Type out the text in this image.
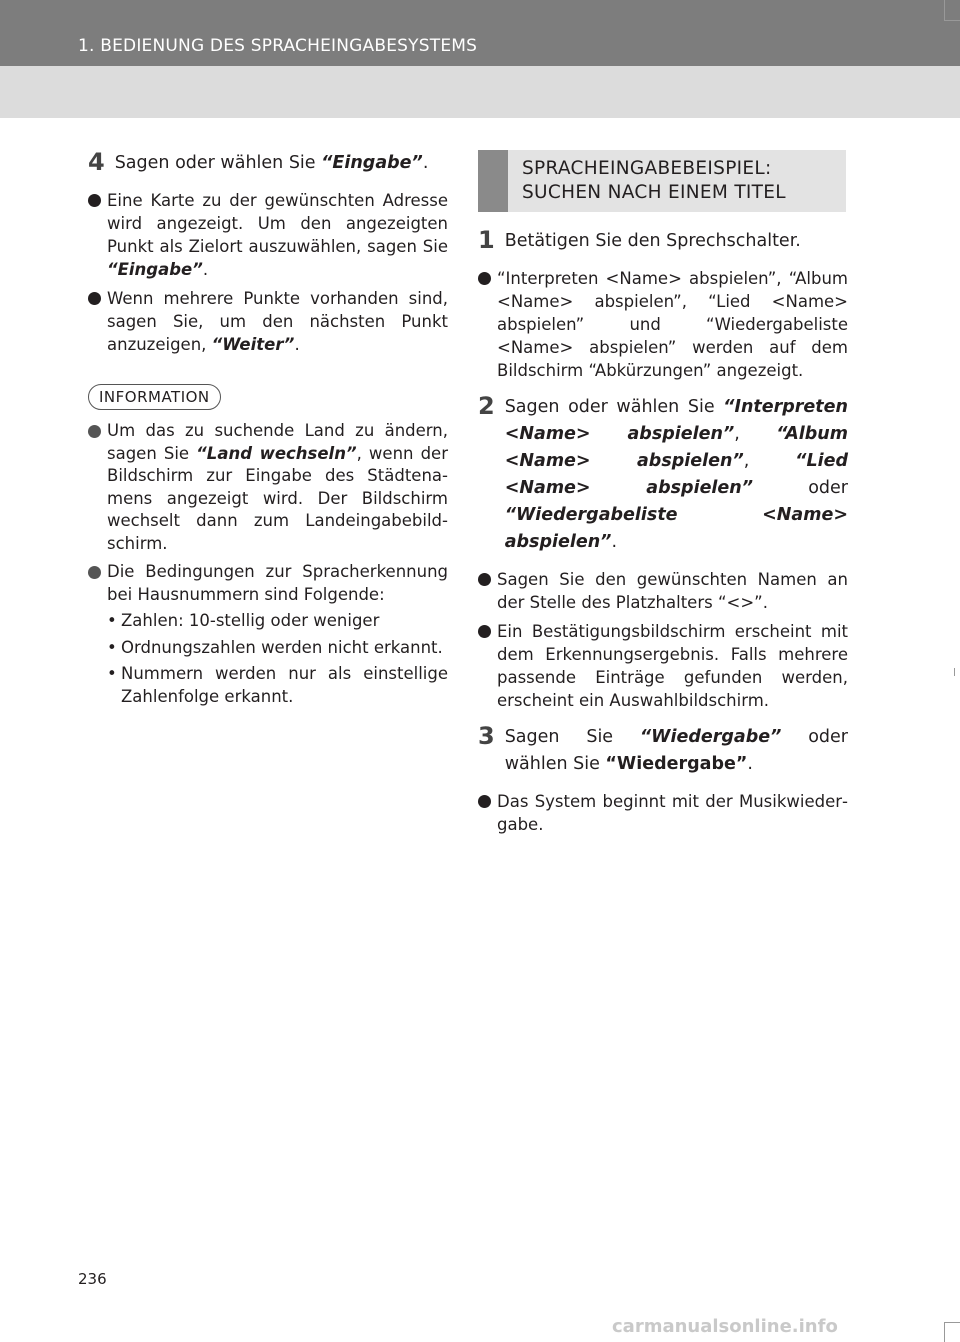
1. BEDIENUNG DES SPRACHEINGABESYSTEMS
4 Sagen oder wählen Sie “Eingabe”.
Eine Karte zu der gewünschten Adresse wird angezeigt. Um den angezeigten Punkt als Zielort auszuwählen, sagen Sie “Eingabe”.
Wenn mehrere Punkte vorhanden sind, sagen Sie, um den nächsten Punkt anzuzeigen, “Weiter”.
INFORMATION
Um das zu suchende Land zu ändern, sagen Sie “Land wechseln”, wenn der Bildschirm zur Eingabe des Städtenamens angezeigt wird. Der Bildschirm wechselt dann zum Landeingabebildschirm.
Die Bedingungen zur Spracherkennung bei Hausnummern sind Folgende:
• Zahlen: 10-stellig oder weniger
• Ordnungszahlen werden nicht erkannt.
• Nummern werden nur als einstellige Zahlenfolge erkannt.
SPRACHEINGABEBEISPIEL:
SUCHEN NACH EINEM TITEL
1 Betätigen Sie den Sprechschalter.
“Interpreten <Name> abspielen”, “Album <Name> abspielen”, “Lied <Name> abspielen” und “Wiedergabeliste <Name> abspielen” werden auf dem Bildschirm “Abkürzungen” angezeigt.
2 Sagen oder wählen Sie “Interpreten <Name> abspielen”, “Album <Name> abspielen”, “Lied <Name> abspielen” oder “Wiedergabeliste <Name> abspielen”.
Sagen Sie den gewünschten Namen an der Stelle des Platzhalters “<>”.
Ein Bestätigungsbildschirm erscheint mit dem Erkennungsergebnis. Falls mehrere passende Einträge gefunden werden, erscheint ein Auswahlbildschirm.
3 Sagen Sie “Wiedergabe” oder wählen Sie “Wiedergabe”.
Das System beginnt mit der Musikwiedergabe.
236
carmanualsonline.info
